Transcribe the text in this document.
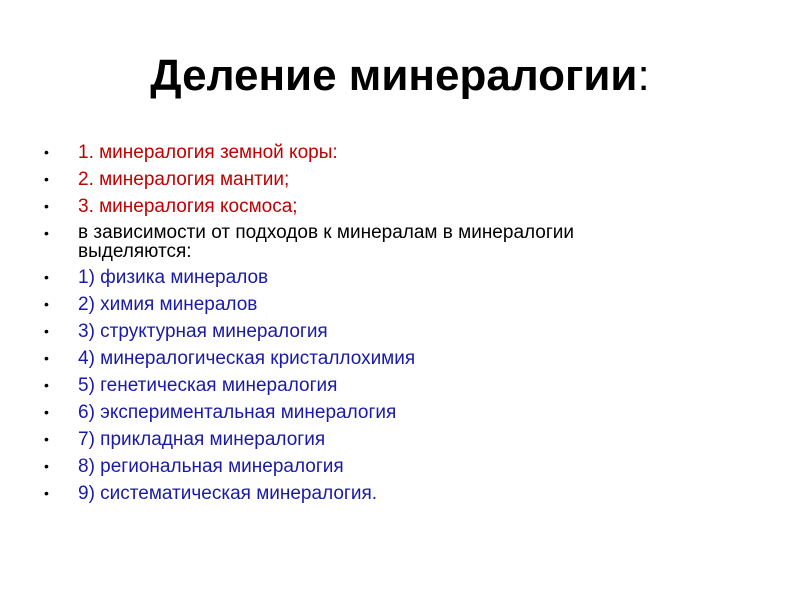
Деление минералогии:
•	1. минералогия земной коры:
•	2. минералогия мантии;
•	3. минералогия космоса;
•	в зависимости от подходов к минералам в минералогии выделяются:
•	1) физика минералов
•	2) химия минералов
•	3) структурная минералогия
•	4) минералогическая кристаллохимия
•	5) генетическая минералогия
•	6) экспериментальная минералогия
•	7) прикладная минералогия
•	8) региональная минералогия
•	9) систематическая минералогия.
